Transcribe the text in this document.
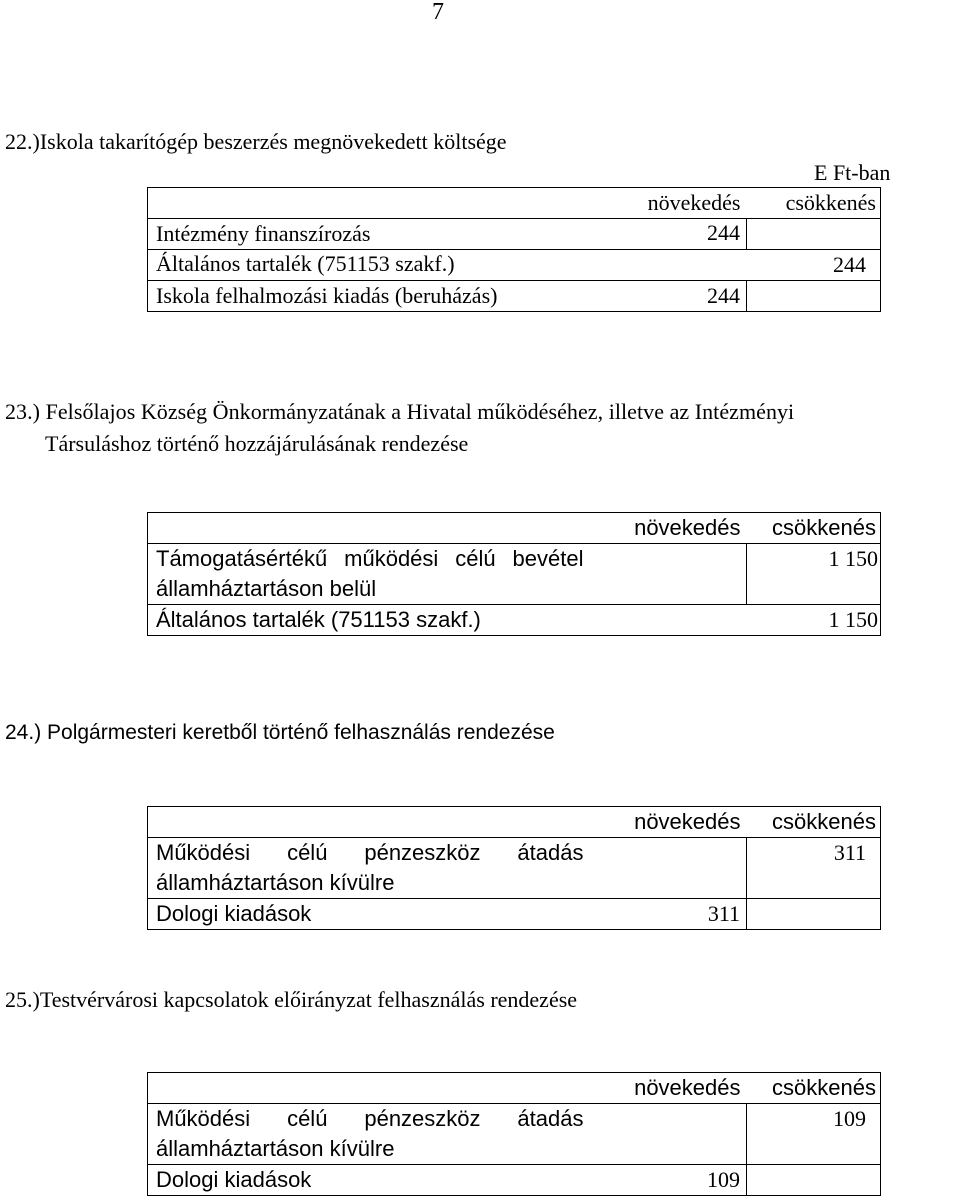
7
22.)Iskola takarítógép beszerzés megnövekedett költsége
E Ft-ban
	növekedés	csökkenés
Intézmény finanszírozás	244	
Általános tartalék (751153 szakf.)		244
Iskola felhalmozási kiadás (beruházás)	244	
23.) Felsőlajos Község Önkormányzatának a Hivatal működéséhez, illetve az Intézményi
Társuláshoz történő hozzájárulásának rendezése
	növekedés	csökkenés

Támogatásértékű működési célú bevétel
államháztartáson belül		1 150
Általános tartalék (751153 szakf.)		1 150
24.) Polgármesteri keretből történő felhasználás rendezése
	növekedés	csökkenés

Működési célú pénzeszköz átadás
államháztartáson kívülre		311
Dologi kiadások	311	
25.)Testvérvárosi kapcsolatok előirányzat felhasználás rendezése
	növekedés	csökkenés

Működési célú pénzeszköz átadás
államháztartáson kívülre		109
Dologi kiadások	109	
